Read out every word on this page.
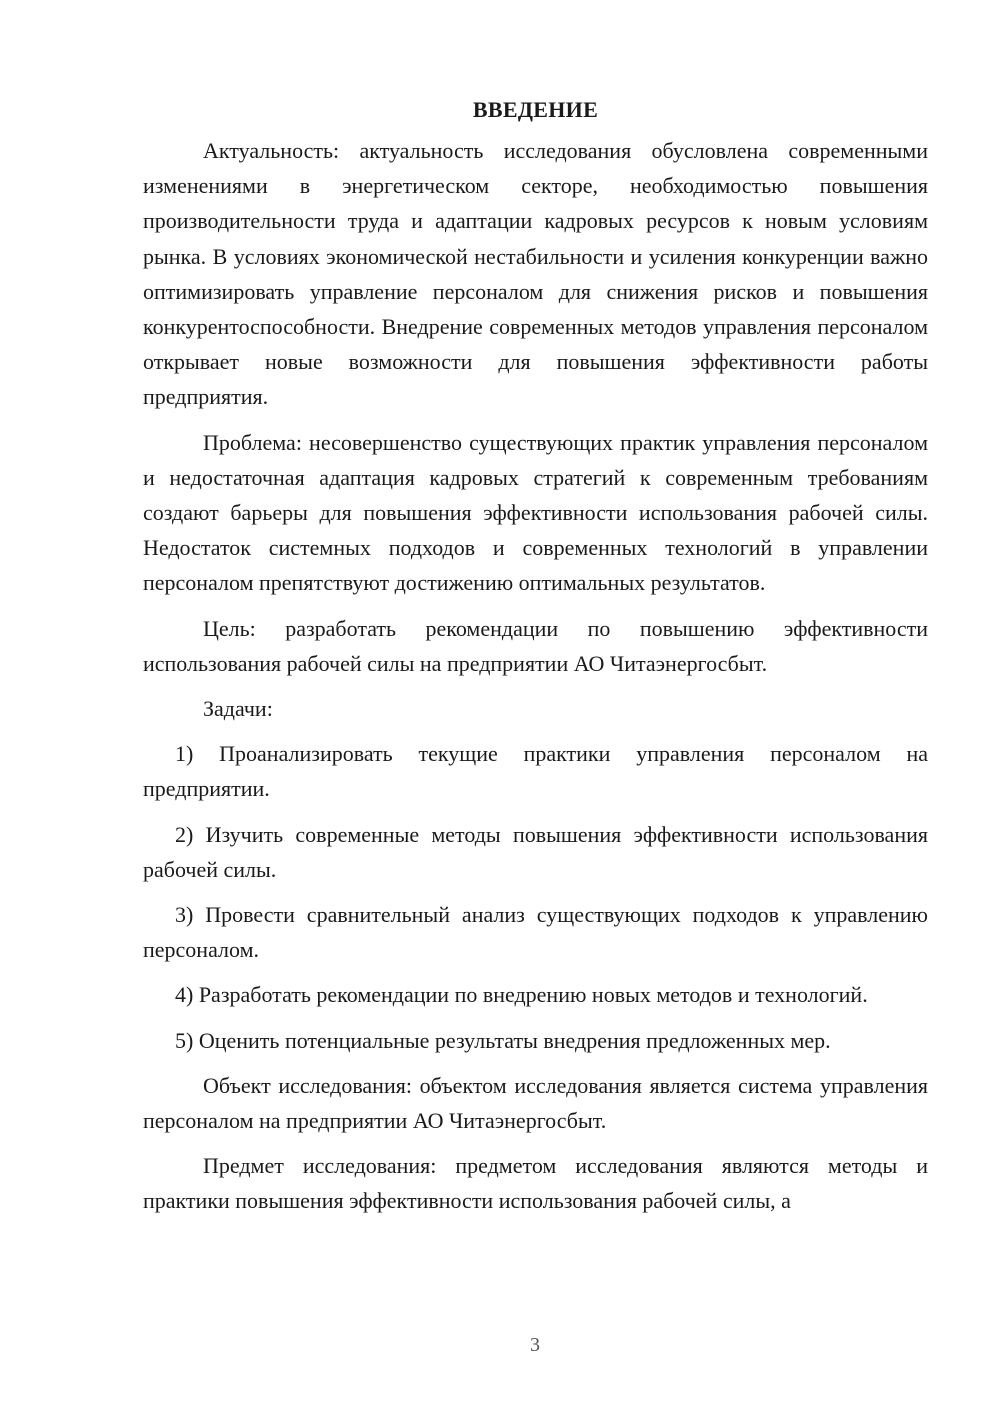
ВВЕДЕНИЕ
Актуальность: актуальность исследования обусловлена современными изменениями в энергетическом секторе, необходимостью повышения производительности труда и адаптации кадровых ресурсов к новым условиям рынка. В условиях экономической нестабильности и усиления конкуренции важно оптимизировать управление персоналом для снижения рисков и повышения конкурентоспособности. Внедрение современных методов управления персоналом открывает новые возможности для повышения эффективности работы предприятия.
Проблема: несовершенство существующих практик управления персоналом и недостаточная адаптация кадровых стратегий к современным требованиям создают барьеры для повышения эффективности использования рабочей силы. Недостаток системных подходов и современных технологий в управлении персоналом препятствуют достижению оптимальных результатов.
Цель: разработать рекомендации по повышению эффективности использования рабочей силы на предприятии АО Читаэнергосбыт.
Задачи:
1) Проанализировать текущие практики управления персоналом на предприятии.
2) Изучить современные методы повышения эффективности использования рабочей силы.
3) Провести сравнительный анализ существующих подходов к управлению персоналом.
4) Разработать рекомендации по внедрению новых методов и технологий.
5) Оценить потенциальные результаты внедрения предложенных мер.
Объект исследования: объектом исследования является система управления персоналом на предприятии АО Читаэнергосбыт.
Предмет исследования: предметом исследования являются методы и практики повышения эффективности использования рабочей силы, а
3
